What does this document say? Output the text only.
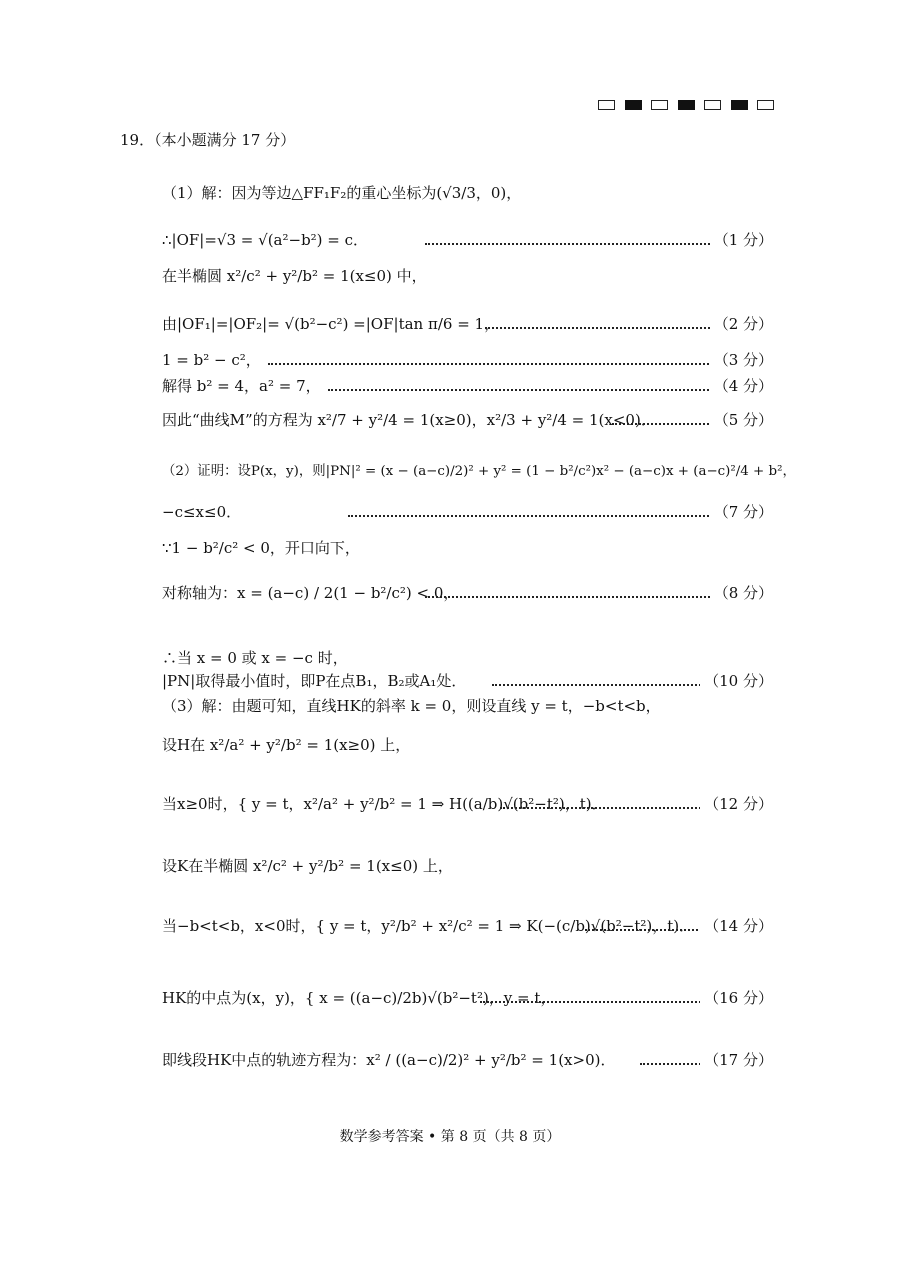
19．（本小题满分 17 分）
（1）解：因为等边△FF₁F₂的重心坐标为(√3/3，0)，
∴|OF|=√3 = √(a²−b²) = c．	（1 分）
在半椭圆 x²/c² + y²/b² = 1(x≤0) 中，
由|OF₁|=|OF₂|= √(b²−c²) =|OF|tan π/6 = 1，	（2 分）
1 = b² − c²，	（3 分）
解得 b² = 4，a² = 7，	（4 分）
因此“曲线M”的方程为 x²/7 + y²/4 = 1(x≥0)，x²/3 + y²/4 = 1(x<0)．	（5 分）
（2）证明：设P(x，y)，则|PN|² = (x − (a−c)/2)² + y² = (1 − b²/c²)x² − (a−c)x + (a−c)²/4 + b²，
−c≤x≤0．	（7 分）
∵1 − b²/c² < 0，开口向下，
对称轴为：x = (a−c) / 2(1 − b²/c²) < 0，	（8 分）
∴当 x = 0 或 x = −c 时，
|PN|取得最小值时，即P在点B₁，B₂或A₁处．	（10 分）
（3）解：由题可知，直线HK的斜率 k = 0，则设直线 y = t，−b<t<b，
设H在 x²/a² + y²/b² = 1(x≥0) 上，
当x≥0时，{ y = t，x²/a² + y²/b² = 1 ⇒ H((a/b)√(b²−t²)，t)．	（12 分）
设K在半椭圆 x²/c² + y²/b² = 1(x≤0) 上，
当−b<t<b，x<0时，{ y = t，y²/b² + x²/c² = 1 ⇒ K(−(c/b)√(b²−t²)，t)． （14 分）
HK的中点为(x，y)，{ x = ((a−c)/2b)√(b²−t²)，y = t，	（16 分）
即线段HK中点的轨迹方程为：x² / ((a−c)/2)² + y²/b² = 1(x>0)．	（17 分）
数学参考答案 • 第 8 页（共 8 页）
